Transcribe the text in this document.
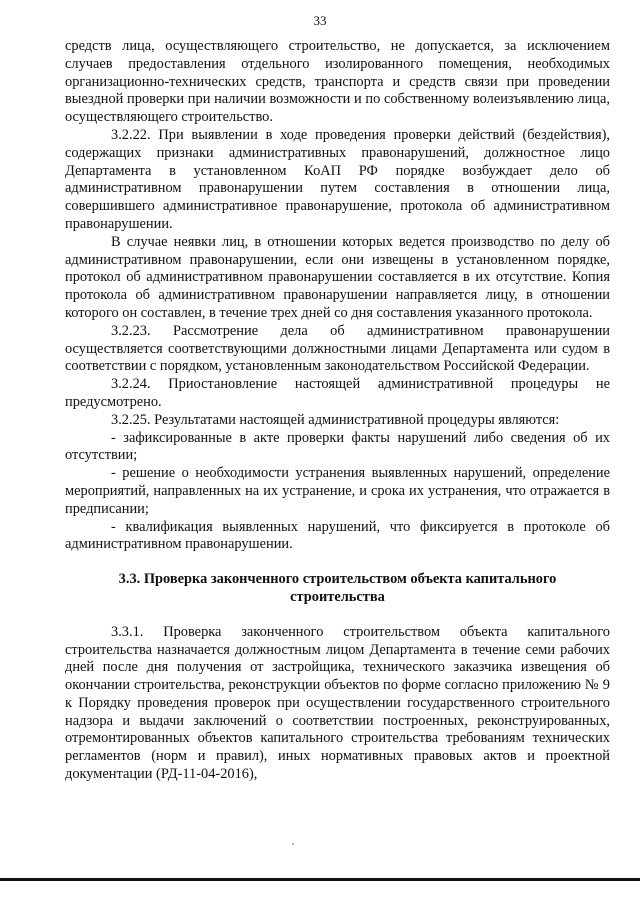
33

средств лица, осуществляющего строительство, не допускается, за исключением случаев предоставления отдельного изолированного помещения, необходимых организационно-технических средств, транспорта и средств связи при проведении выездной проверки при наличии возможности и по собственному волеизъявлению лица, осуществляющего строительство.

3.2.22. При выявлении в ходе проведения проверки действий (бездействия), содержащих признаки административных правонарушений, должностное лицо Департамента в установленном КоАП РФ порядке возбуждает дело об административном правонарушении путем составления в отношении лица, совершившего административное правонарушение, протокола об административном правонарушении.

В случае неявки лиц, в отношении которых ведется производство по делу об административном правонарушении, если они извещены в установленном порядке, протокол об административном правонарушении составляется в их отсутствие. Копия протокола об административном правонарушении направляется лицу, в отношении которого он составлен, в течение трех дней со дня составления указанного протокола.

3.2.23. Рассмотрение дела об административном правонарушении осуществляется соответствующими должностными лицами Департамента или судом в соответствии с порядком, установленным законодательством Российской Федерации.

3.2.24. Приостановление настоящей административной процедуры не предусмотрено.

3.2.25. Результатами настоящей административной процедуры являются:

- зафиксированные в акте проверки факты нарушений либо сведения об их отсутствии;

- решение о необходимости устранения выявленных нарушений, определение мероприятий, направленных на их устранение, и срока их устранения, что отражается в предписании;

- квалификация выявленных нарушений, что фиксируется в протоколе об административном правонарушении.

3.3. Проверка законченного строительством объекта капитального строительства

3.3.1. Проверка законченного строительством объекта капитального строительства назначается должностным лицом Департамента в течение семи рабочих дней после дня получения от застройщика, технического заказчика извещения об окончании строительства, реконструкции объектов по форме согласно приложению № 9 к Порядку проведения проверок при осуществлении государственного строительного надзора и выдачи заключений о соответствии построенных, реконструированных, отремонтированных объектов капитального строительства требованиям технических регламентов (норм и правил), иных нормативных правовых актов и проектной документации (РД-11-04-2016),
